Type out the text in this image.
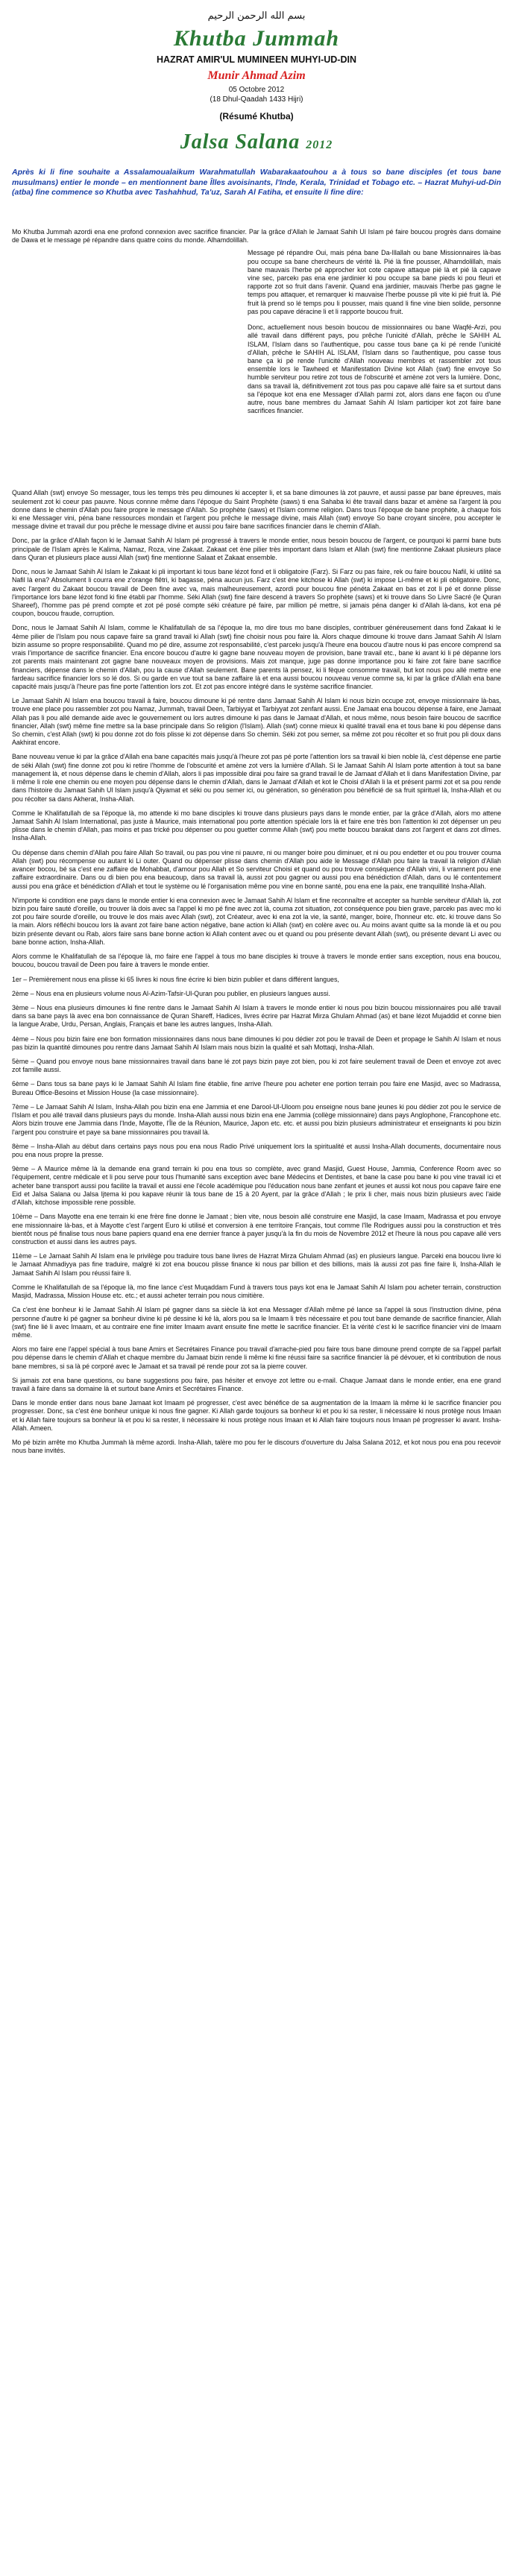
بسم الله الرحمن الرحيم
Khutba Jummah
HAZRAT AMIR'UL MUMINEEN MUHYI-UD-DIN
Munir Ahmad Azim
05 Octobre 2012
(18 Dhul-Qaadah 1433 Hijri)
(Résumé Khutba)
Jalsa Salana 2012

Après ki li fine souhaite a Assalamoualaikum Warahmatullah Wabarakaatouhou a à tous so bane disciples (et tous bane musulmans) entier le monde – en mentionnent bane Îlles avoisinants, l'Inde, Kerala, Trinidad et Tobago etc. – Hazrat Muhyi-ud-Din (atba) fine commence so Khutba avec Tashahhud, Ta'uz, Sarah Al Fatiha, et ensuite li fine dire:

Mo Khutba Jummah azordi ena ene profond connexion avec sacrifice financier. Par la grâce d'Allah le Jamaat Sahih Ul Islam pé faire boucou progrès dans domaine de Dawa et le message pé répandre dans quatre coins du monde. Alhamdolillah.

Message pé répandre Oui, mais péna bane Da-Illallah ou bane Missionnaires là-bas pou occupe sa bane chercheurs de vérité là. Pié là fine pousser, Alhamdolillah, mais bane mauvais l'herbe pé approcher kot cote capave attaque pié là et pié là capave vine sec, parcekı pas ena ene jardinier ki pou occupe sa bane pieds ki pou fleuri et rapporte zot so fruit dans l'avenir. Quand ena jardinier, mauvais l'herbe pas gagne le temps pou attaquer, et remarquer ki mauvaise l'herbe pousse pli vite ki pié fruit là. Pié fruit là prend so lé temps pou li pousser, mais quand li fine vine bien solide, personne pas pou capave déracine li et li rapporte boucou fruit.

Donc, actuellement nous besoin boucou de missionnaires ou bane Waqfé-Arzi, pou allé travail dans différent pays, pou prêche l'unicité d'Allah, prêche le SAHIH AL ISLAM, l'Islam dans so l'authentique, pou casse tous bane ça ki pé rende l'unicité d'Allah, prêche le SAHIH AL ISLAM, l'Islam dans so l'authentique, pou casse tous bane ça ki pé rende l'unicité d'Allah nouveau membres et rassembler zot tous ensemble lors le Tawheed et Manifestation Divine kot Allah (swt) fine envoye So humble serviteur pou retire zot tous de l'obscurité et amène zot vers la lumière. Donc, dans sa travail là, définitivement zot tous pas pou capave allé faire sa et surtout dans sa l'époque kot ena ene Messager d'Allah parmi zot, alors dans ene façon ou d'une autre, nous bane membres du Jamaat Sahih Al Islam participer kot zot faire bane sacrifices financier.

Quand Allah (swt) envoye So messager, tous les temps très peu dimounes ki accepter li, et sa bane dimounes là zot pauvre, et aussi passe par bane épreuves, mais seulement zot ki coeur pas pauvre. Nous connne même dans l'époque du Saint Prophète (saws) ti ena Sahaba ki ête travail dans bazar et amène sa l'argent là pou donne dans le chemin d'Allah pou faire propre le message d'Allah. So prophète (saws) et l'Islam comme religion. Dans tous l'époque de bane prophète, à chaque fois ki ene Messager vini, péna bane ressources mondain et l'argent pou prêche le message divine, mais Allah (swt) envoye So bane croyant sincère, pou accepter le message divine et travail dur pou prêche le message divine et aussi pou faire bane sacrifices financier dans le chemin d'Allah.

Donc, par la grâce d'Allah façon ki le Jamaat Sahih Al Islam pé progressé à travers le monde entier, nous besoin boucou de l'argent, ce pourquoi ki parmi bane buts principale de l'Islam après le Kalima, Namaz, Roza, vine Zakaat. Zakaat cet ène pilier très important dans Islam et Allah (swt) fine mentionne Zakaat plusieurs place dans Quran et plusieurs place aussi Allah (swt) fine mentionne Salaat et Zakaat ensemble.

Donc, nous le Jamaat Sahih Al Islam le Zakaat ki pli important ki tous bane lézot fond et li obligatoire (Farz). Si Farz ou pas faire, rek ou faire boucou Nafil, ki utilité sa Nafil là ena? Absolument li courra ene z'orange flêtri, ki bagasse, péna aucun jus. Farz c'est ène kitchose ki Allah (swt) ki impose Li-même et ki pli obligatoire. Donc, avec l'argent du Zakaat boucou travail de Deen fine avec va, mais malheureusement, azordi pour boucou fine pénéta Zakaat en bas et zot li pé et donne plisse l'importance lors bane lézot fond ki fine établi par l'homme. Séki Allah (swt) fine faire descend à travers So prophète (saws) et ki trouve dans So Livre Sacré (le Quran Shareef), l'homme pas pé prend compte et zot pé posé compte séki créature pé faire, par million pé mettre, si jamais péna danger ki d'Allah là-dans, kot ena pé coupon, boucou fraude, corruption.

Donc, nous le Jamaat Sahih Al Islam, comme le Khalifatullah de sa l'époque la, mo dire tous mo bane disciples, contribuer généreusement dans fond Zakaat ki le 4ème pilier de l'Islam pou nous capave faire sa grand travail ki Allah (swt) fine choisir nous pou faire là. Alors chaque dimoune ki trouve dans Jamaat Sahih Al Islam bizin assume so propre responsabilité. Quand mo pé dire, assume zot responsabilité, c'est parcekı jusqu'à l'heure ena boucou d'autre nous ki pas encore comprend sa vrais l'importance de sacrifice financier. Ena encore boucou d'autre ki gagne bane nouveau moyen de provision, bane travail etc., bane ki avant ki li pé dépanne lors zot parents mais maintenant zot gagne bane nouveaux moyen de provisions. Mais zot manque, juge pas donne importance pou ki faire zot faire bane sacrifice financiers, dépense dans le chemin d'Allah, pou la cause d'Allah seulement. Bane parents là pensez, ki li fèque consomme travail, but kot nous pou allé mettre ene fardeau sacrifice financier lors so lé dos. Si ou garde en vue tout sa bane zaffaire là et ena aussi boucou nouveau venue comme sa, ki par la grâce d'Allah ena bane capacité mais jusqu'à l'heure pas fine porte l'attention lors zot. Et zot pas encore intégré dans le système sacrifice financier.

Le Jamaat Sahih Al Islam ena boucou travail à faire, boucou dimoune ki pé rentre dans Jamaat Sahih Al Islam ki nous bizin occupe zot, envoye missionnaire là-bas, trouve ene place pou rassembler zot pou Namaz, Jummah, travail Deen, Tarbiyyat et Tarbiyyat zot zenfant aussi. Ene Jamaat ena boucou dépense à faire, ene Jamaat Allah pas li pou allé demande aide avec le gouvernement ou lors autres dimoune ki pas dans le Jamaat d'Allah, et nous même, nous besoin faire boucou de sacrifice financier, Allah (swt) même fine mettre sa la base principale dans So religion (l'Islam). Allah (swt) conne mieux ki qualité travail ena et tous bane ki pou dépense dans So chemin, c'est Allah (swt) ki pou donne zot do fois plisse ki zot dépense dans So chemin. Séki zot pou semer, sa même zot pou récolter et so fruit pou pli doux dans Aakhirat encore.

Bane nouveau venue ki par la grâce d'Allah ena bane capacités mais jusqu'à l'heure zot pas pé porte l'attention lors sa travail ki bien noble là, c'est dépense ene partie de séki Allah (swt) fine donne zot pou ki retire l'homme de l'obscurité et amène zot vers la lumière d'Allah. Si le Jamaat Sahih Al Islam porte attention à tout sa bane management là, et nous dépense dans le chemin d'Allah, alors li pas impossible dirai pou faire sa grand travail le de Jamaat d'Allah et li dans Manifestation Divine, par li même li role ene chemin ou ene moyen pou dépense dans le chemin d'Allah, dans le Jamaat d'Allah et kot le Choisi d'Allah li la et présent parmi zot et sa pou rende dans l'histoire du Jamaat Sahih Ul Islam jusqu'à Qiyamat et séki ou pou semer ici, ou génération, so génération pou bénéficié de sa fruit spirituel là, Insha-Allah et ou pou récolter sa dans Akherat, Insha-Allah.

Comme le Khalifatullah de sa l'époque là, mo attende ki mo bane disciples ki trouve dans plusieurs pays dans le monde entier, par la grâce d'Allah, alors mo attene Jamaat Sahih Al Islam International, pas juste à Maurice, mais international pou porte attention spéciale lors là et faire ene très bon l'attention ki zot dépenser un peu plisse dans le chemin d'Allah, pas moins et pas trické pou dépenser ou pou guetter comme Allah (swt) pou mette boucou barakat dans zot l'argent et dans zot dîmes. Insha-Allah.

Ou dépense dans chemin d'Allah pou faire Allah So travail, ou pas pou vine ni pauvre, ni ou manger boire pou diminuer, et ni ou pou endetter et ou pou trouver couma Allah (swt) pou récompense ou autant ki Li outer. Quand ou dépenser plisse dans chemin d'Allah pou aide le Message d'Allah pou faire la travail là religion d'Allah avancer bocou, bé sa c'est ene zaffaire de Mohabbat, d'amour pou Allah et So serviteur Choisi et quand ou pou trouve conséquence d'Allah vini, li vramnent pou ene zaffaire extraordinaire. Dans ou di bien pou ena beaucoup, dans sa travail là, aussi zot pou gagner ou aussi pou ena bénédiction d'Allah, dans ou lé contentement aussi pou ena grâce et bénédiction d'Allah et tout le système ou lé l'organisation même pou vine en bonne santé, pou ena ene la paix, ene tranquillité Insha-Allah.

N'importe ki condition ene pays dans le monde entier ki ena connexion avec le Jamaat Sahih Al Islam et fine reconnaître et accepter sa humble serviteur d'Allah là, zot bizin pou faire sauté d'oreille, ou trouver là dois avec sa l'appel ki mo pé fine avec zot là, couma zot situation, zot conséquence pou bien grave, parcekı pas avec mo ki zot pou faire sourde d'oreille, ou trouve le dos mais avec Allah (swt), zot Créateur, avec ki ena zot la vie, la santé, manger, boire, l'honneur etc. etc. ki trouve dans So la main. Alors réfléchi boucou lors là avant zot faire bane action négative, bane action ki Allah (swt) en colère avec ou. Au moins avant quitte sa la monde là et ou pou bizin présente devant ou Rab, alors faire sans bane bonne action ki Allah content avec ou et quand ou pou présente devant Allah (swt), ou présente devant Li avec ou bane bonne action, Insha-Allah.

Alors comme le Khalifatullah de sa l'époque là, mo faire ene l'appel à tous mo bane disciples ki trouve à travers le monde entier sans exception, nous ena boucou, boucou, boucou travail de Deen pou faire à travers le monde entier.

1er – Premièrement nous ena plisse ki 65 livres ki nous fine écrire ki bien bizin publier et dans différent langues,

2ème – Nous ena en plusieurs volume nous Al-Azim-Tafsir-Ul-Quran pou publier, en plusieurs langues aussi.

3ème – Nous ena plusieurs dimounes ki fine rentre dans le Jamaat Sahih Al Islam à travers le monde entier ki nous pou bizin boucou missionnaires pou allé travail dans sa bane pays là avec ena bon connaissance de Quran Shareff, Hadices, livres écrire par Hazrat Mirza Ghulam Ahmad (as) et bane lézot Mujaddid et conne bien la langue Arabe, Urdu, Persan, Anglais, Français et bane les autres langues, Insha-Allah.

4ème – Nous pou bizin faire ene bon formation missionnaires dans nous bane dimounes ki pou dédier zot pou le travail de Deen et propage le Sahih Al Islam et nous pas bizin la quantité dimounes pou rentre dans Jamaat Sahih Al Islam mais nous bizin la qualité et sah Mottaqi, Insha-Allah.

5ème – Quand pou envoye nous bane missionnaires travail dans bane lé zot pays bizin paye zot bien, pou ki zot faire seulement travail de Deen et envoye zot avec zot famille aussi.

6ème – Dans tous sa bane pays ki le Jamaat Sahih Al Islam fine établie, fine arrive l'heure pou acheter ene portion terrain pou faire ene Masjid, avec so Madrassa, Bureau Office-Besoins et Mission House (la case missionnaire).

7ème – Le Jamaat Sahih Al Islam, Insha-Allah pou bizin ena ene Jammia et ene Darool-Ul-Uloom pou enseigne nous bane jeunes ki pou dédier zot pou le service de l'Islam et pou allé travail dans plusieurs pays du monde. Insha-Allah aussi nous bizin ena ene Jammia (collège missionnaire) dans pays Anglophone, Francophone etc. Alors bizin trouve ene Jammia dans l'Inde, Mayotte, l'Île de la Réunion, Maurice, Japon etc. etc. et aussi pou bizin plusieurs administrateur et enseignants ki pou bizin l'argent pou construire et paye sa bane missionnaires pou travail là.

8ème – Insha-Allah au début dans certains pays nous pou ena nous Radio Privé uniquement lors la spiritualité et aussi Insha-Allah documents, documentaire nous pou ena nous propre la presse.

9ème – A Maurice même là la demande ena grand terrain ki pou ena tous so complète, avec grand Masjid, Guest House, Jammia, Conference Room avec so l'équipement, centre médicale et li pou serve pour tous l'humanité sans exception avec bane Médecins et Dentistes, et bane la case pou bane ki pou vine travail ici et acheter bane transport aussi pou facilite la travail et aussi ene l'école académique pou l'éducation nous bane zenfant et jeunes et aussi kot nous pou capave faire ene Eid et Jalsa Salana ou Jalsa Ijtema ki pou kapave réunir là tous bane de 15 à 20 Ayent, par la grâce d'Allah ; le prix li cher, mais nous bizin plusieurs avec l'aide d'Allah, kitchose impossible rene possible.

10ème – Dans Mayotte ena ene terrain ki ene frère fine donne le Jamaat ; bien vite, nous besoin allé construire ene Masjid, la case Imaam, Madrassa et pou envoye ene missionnaire là-bas, et à Mayotte c'est l'argent Euro ki utilisé et conversion à ene territoire Français, tout comme l'île Rodrigues aussi pou la construction et très bientôt nous pé finalise tous nous bane papiers quand ena ene dernier france à payer jusqu'à la fin du mois de Novembre 2012 et l'heure là nous pou capave allé vers construction et aussi dans les autres pays.

11ème – Le Jamaat Sahih Al Islam ena le privilège pou traduire tous bane livres de Hazrat Mirza Ghulam Ahmad (as) en plusieurs langue. Parceki ena boucou livre ki le Jamaat Ahmadiyya pas fine traduire, malgré ki zot ena boucou plisse finance ki nous par billion et des billions, mais là aussi zot pas fine faire li, Insha-Allah le Jamaat Sahih Al Islam pou réussi faire li.

Comme le Khalifatullah de sa l'époque là, mo fine lance c'est Muqaddam Fund à travers tous pays kot ena le Jamaat Sahih Al Islam pou acheter terrain, construction Masjid, Madrassa, Mission House etc. etc.; et aussi acheter terrain pou nous cimitière.

Ca c'est ène bonheur ki le Jamaat Sahih Al Islam pé gagner dans sa siècle là kot ena Messager d'Allah même pé lance sa l'appel là sous l'instruction divine, péna personne d'autre ki pé gagner sa bonheur divine ki pé dessine ki ké là, alors pou sa le Imaam li très nécessaire et pou tout bane demande de sacrifice financier, Allah (swt) fine lié li avec Imaam, et au contraire ene fine imiter Imaam avant ensuite fine mette le sacrifice financier. Et la vérité c'est ki le sacrifice financier vini de Imaam même.

Alors mo faire ene l'appel spécial à tous bane Amirs et Secrétaires Finance pou travail d'arrache-pied pou faire tous bane dimoune prend compte de sa l'appel parfait pou dépense dans le chemin d'Allah et chaque membre du Jamaat bizin rende li même ki fine réussi faire sa sacrifice financier là pé dévouer, et ki contribution de nous bane membres, si sa là pé corporé avec le Jamaat et sa travail pé rende pour zot sa la pierre couver.

Si jamais zot ena bane questions, ou bane suggestions pou faire, pas hésiter et envoye zot lettre ou e-mail. Chaque Jamaat dans le monde entier, ena ene grand travail à faire dans sa domaine là et surtout bane Amirs et Secrétaires Finance.

Dans le monde entier dans nous bane Jamaat kot Imaam pé progresser, c'est avec bénéfice de sa augmentation de la Imaam là même ki le sacrifice financier pou progresser. Donc, sa c'est ène bonheur unique ki nous fine gagner. Ki Allah garde toujours sa bonheur ki et pou ki sa rester, li nécessaire ki nous protège nous Imaan et ki Allah faire toujours sa bonheur là et pou ki sa rester, li nécessaire ki nous protège nous Imaan et ki Allah faire toujours nous Imaan pé progresser ki avant. Insha-Allah. Ameen.

Mo pé bizin arrête mo Khutba Jummah là même azordi. Insha-Allah, talère mo pou fer le discours d'ouverture du Jalsa Salana 2012, et kot nous pou ena pou recevoir nous bane invités.
